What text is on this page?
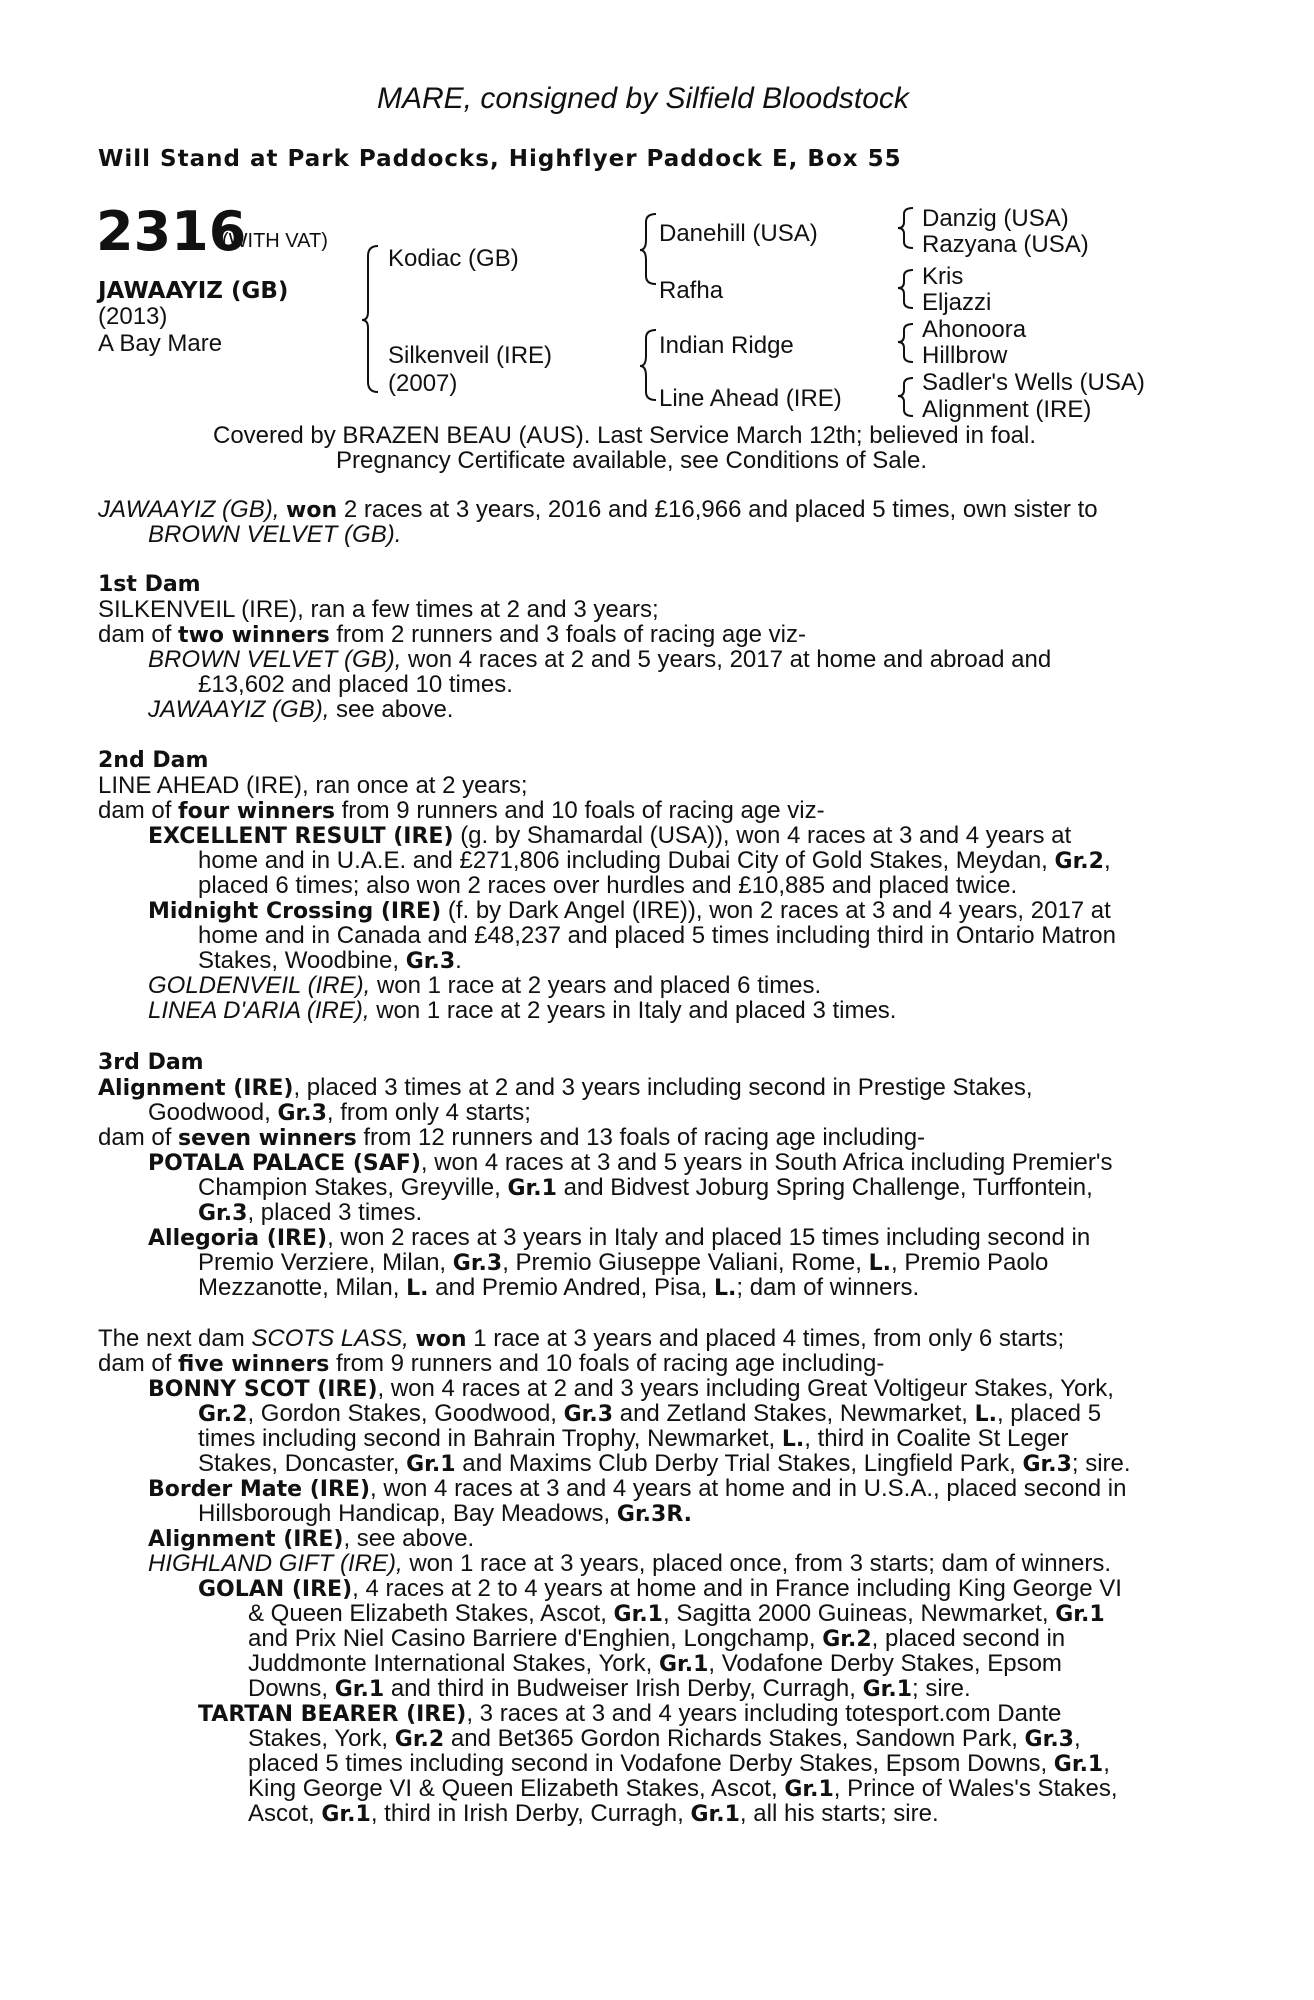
MARE, consigned by Silfield Bloodstock
Will Stand at Park Paddocks, Highflyer Paddock E, Box 55
2316
(WITH VAT)
JAWAAYIZ (GB)
(2013)
A Bay Mare
Kodiac (GB)
Silkenveil (IRE)
(2007)
Danehill (USA)
Rafha
Indian Ridge
Line Ahead (IRE)
Danzig (USA)
Razyana (USA)
Kris
Eljazzi
Ahonoora
Hillbrow
Sadler's Wells (USA)
Alignment (IRE)
Covered by BRAZEN BEAU (AUS). Last Service March 12th; believed in foal.
Pregnancy Certificate available, see Conditions of Sale.
JAWAAYIZ (GB), won 2 races at 3 years, 2016 and £16,966 and placed 5 times, own sister to
BROWN VELVET (GB).
1st Dam
SILKENVEIL (IRE), ran a few times at 2 and 3 years;
dam of two winners from 2 runners and 3 foals of racing age viz-
BROWN VELVET (GB), won 4 races at 2 and 5 years, 2017 at home and abroad and
£13,602 and placed 10 times.
JAWAAYIZ (GB), see above.
2nd Dam
LINE AHEAD (IRE), ran once at 2 years;
dam of four winners from 9 runners and 10 foals of racing age viz-
EXCELLENT RESULT (IRE) (g. by Shamardal (USA)), won 4 races at 3 and 4 years at
home and in U.A.E. and £271,806 including Dubai City of Gold Stakes, Meydan, Gr.2,
placed 6 times; also won 2 races over hurdles and £10,885 and placed twice.
Midnight Crossing (IRE) (f. by Dark Angel (IRE)), won 2 races at 3 and 4 years, 2017 at
home and in Canada and £48,237 and placed 5 times including third in Ontario Matron
Stakes, Woodbine, Gr.3.
GOLDENVEIL (IRE), won 1 race at 2 years and placed 6 times.
LINEA D'ARIA (IRE), won 1 race at 2 years in Italy and placed 3 times.
3rd Dam
Alignment (IRE), placed 3 times at 2 and 3 years including second in Prestige Stakes,
Goodwood, Gr.3, from only 4 starts;
dam of seven winners from 12 runners and 13 foals of racing age including-
POTALA PALACE (SAF), won 4 races at 3 and 5 years in South Africa including Premier's
Champion Stakes, Greyville, Gr.1 and Bidvest Joburg Spring Challenge, Turffontein,
Gr.3, placed 3 times.
Allegoria (IRE), won 2 races at 3 years in Italy and placed 15 times including second in
Premio Verziere, Milan, Gr.3, Premio Giuseppe Valiani, Rome, L., Premio Paolo
Mezzanotte, Milan, L. and Premio Andred, Pisa, L.; dam of winners.
The next dam SCOTS LASS, won 1 race at 3 years and placed 4 times, from only 6 starts;
dam of five winners from 9 runners and 10 foals of racing age including-
BONNY SCOT (IRE), won 4 races at 2 and 3 years including Great Voltigeur Stakes, York,
Gr.2, Gordon Stakes, Goodwood, Gr.3 and Zetland Stakes, Newmarket, L., placed 5
times including second in Bahrain Trophy, Newmarket, L., third in Coalite St Leger
Stakes, Doncaster, Gr.1 and Maxims Club Derby Trial Stakes, Lingfield Park, Gr.3; sire.
Border Mate (IRE), won 4 races at 3 and 4 years at home and in U.S.A., placed second in
Hillsborough Handicap, Bay Meadows, Gr.3R.
Alignment (IRE), see above.
HIGHLAND GIFT (IRE), won 1 race at 3 years, placed once, from 3 starts; dam of winners.
GOLAN (IRE), 4 races at 2 to 4 years at home and in France including King George VI
& Queen Elizabeth Stakes, Ascot, Gr.1, Sagitta 2000 Guineas, Newmarket, Gr.1
and Prix Niel Casino Barriere d'Enghien, Longchamp, Gr.2, placed second in
Juddmonte International Stakes, York, Gr.1, Vodafone Derby Stakes, Epsom
Downs, Gr.1 and third in Budweiser Irish Derby, Curragh, Gr.1; sire.
TARTAN BEARER (IRE), 3 races at 3 and 4 years including totesport.com Dante
Stakes, York, Gr.2 and Bet365 Gordon Richards Stakes, Sandown Park, Gr.3,
placed 5 times including second in Vodafone Derby Stakes, Epsom Downs, Gr.1,
King George VI & Queen Elizabeth Stakes, Ascot, Gr.1, Prince of Wales's Stakes,
Ascot, Gr.1, third in Irish Derby, Curragh, Gr.1, all his starts; sire.
